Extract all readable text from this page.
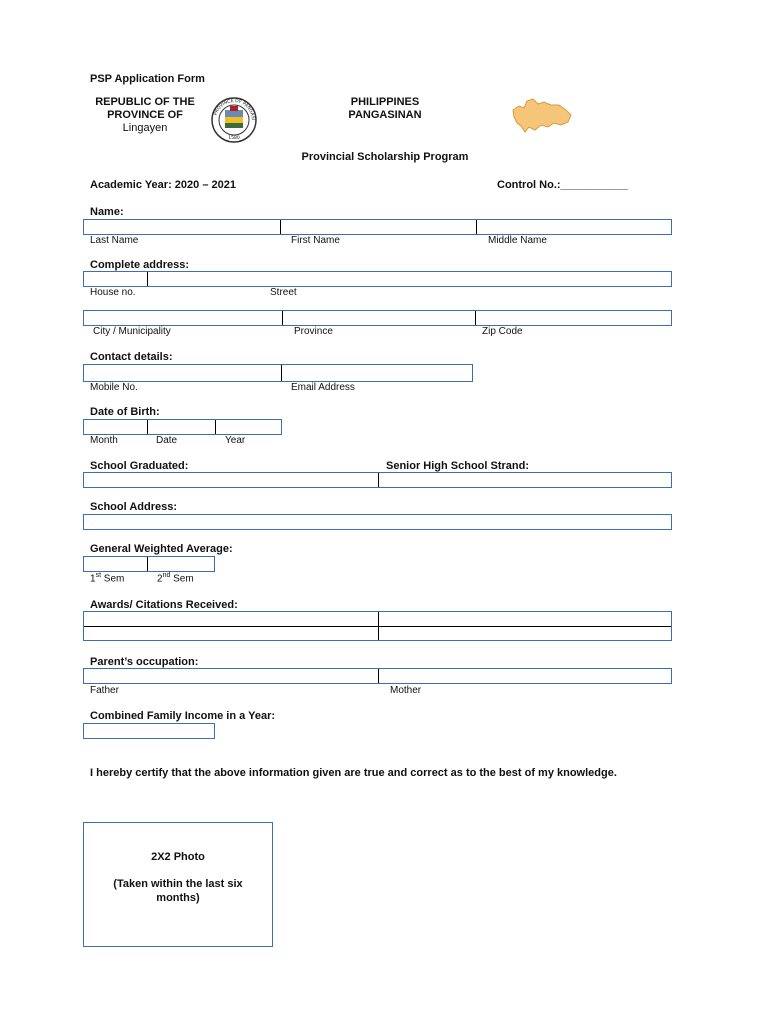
PSP Application Form
REPUBLIC OF THE
PROVINCE OF
Lingayen
PROVINCE OF PANGASI
1580
PHILIPPINES
PANGASINAN
Provincial Scholarship Program
Academic Year: 2020 – 2021	Control No.:___________
Name:
Last Name	First Name	Middle Name
Complete address:
House no.	Street
City / Municipality	Province	Zip Code
Contact details:
Mobile No.	Email Address
Date of Birth:
Month	Date	Year
School Graduated:	Senior High School Strand:
School Address:
General Weighted Average:
1st Sem	2nd Sem
Awards/ Citations Received:
Parent’s occupation:
Father	Mother
Combined Family Income in a Year:
I hereby certify that the above information given are true and correct as to the best of my knowledge.
2X2 Photo
(Taken within the last six months)
